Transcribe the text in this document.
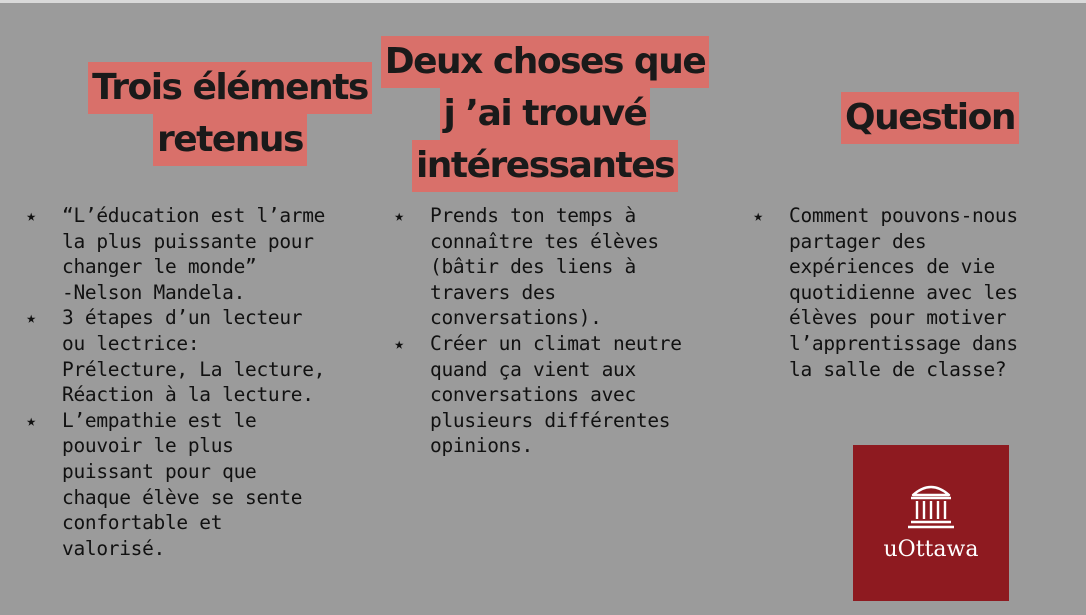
Trois éléments
retenus
Deux choses que
j ’ai trouvé
intéressantes
Question
★ “L’éducation est l’arme
la plus puissante pour
changer le monde”
-Nelson Mandela.
★ 3 étapes d’un lecteur
ou lectrice:
Prélecture, La lecture,
Réaction à la lecture.
★ L’empathie est le
pouvoir le plus
puissant pour que
chaque élève se sente
confortable et
valorisé.
★ Prends ton temps à
connaître tes élèves
(bâtir des liens à
travers des
conversations).
★ Créer un climat neutre
quand ça vient aux
conversations avec
plusieurs différentes
opinions.
★ Comment pouvons-nous
partager des
expériences de vie
quotidienne avec les
élèves pour motiver
l’apprentissage dans
la salle de classe?
uOttawa
